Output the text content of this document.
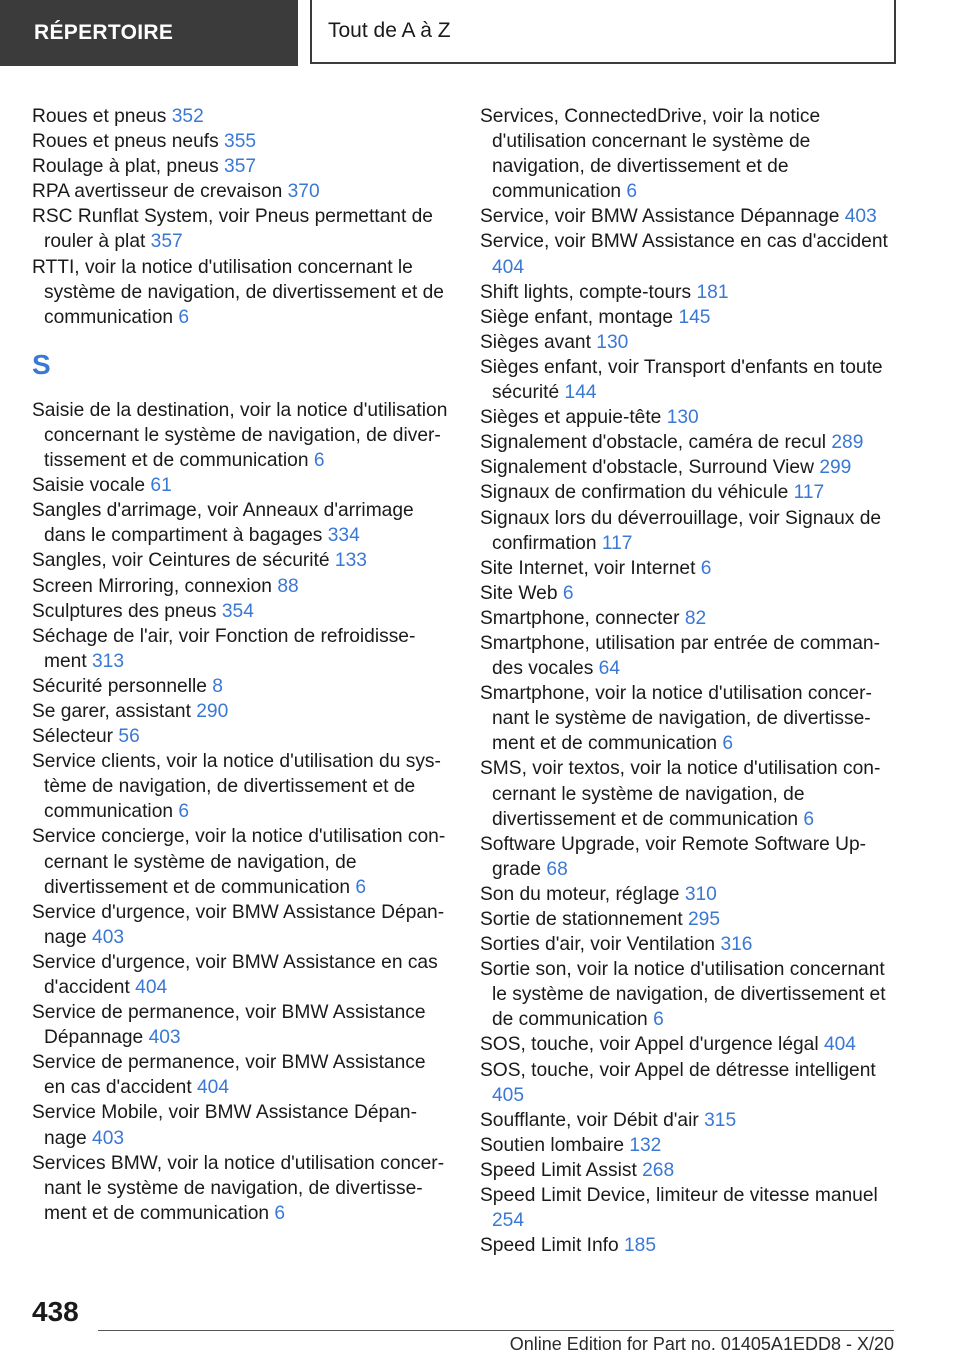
RÉPERTOIRE	Tout de A à Z

Roues et pneus 352

Roues et pneus neufs 355

Roulage à plat, pneus 357

RPA avertisseur de crevaison 370

RSC Runflat System, voir Pneus permettant de rouler à plat 357

RTTI, voir la notice d'utilisation concernant le système de navigation, de divertissement et de communication 6

S

Saisie de la destination, voir la notice d'utilisation concernant le système de navigation, de divertissement et de communication 6

Saisie vocale 61

Sangles d'arrimage, voir Anneaux d'arrimage dans le compartiment à bagages 334

Sangles, voir Ceintures de sécurité 133

Screen Mirroring, connexion 88

Sculptures des pneus 354

Séchage de l'air, voir Fonction de refroidissement 313

Sécurité personnelle 8

Se garer, assistant 290

Sélecteur 56

Service clients, voir la notice d'utilisation du système de navigation, de divertissement et de communication 6

Service concierge, voir la notice d'utilisation concernant le système de navigation, de divertissement et de communication 6

Service d'urgence, voir BMW Assistance Dépannage 403

Service d'urgence, voir BMW Assistance en cas d'accident 404

Service de permanence, voir BMW Assistance Dépannage 403

Service de permanence, voir BMW Assistance en cas d'accident 404

Service Mobile, voir BMW Assistance Dépannage 403

Services BMW, voir la notice d'utilisation concernant le système de navigation, de divertissement et de communication 6

Services, ConnectedDrive, voir la notice d'utilisation concernant le système de navigation, de divertissement et de communication 6

Service, voir BMW Assistance Dépannage 403

Service, voir BMW Assistance en cas d'accident 404

Shift lights, compte-tours 181

Siège enfant, montage 145

Sièges avant 130

Sièges enfant, voir Transport d'enfants en toute sécurité 144

Sièges et appuie-tête 130

Signalement d'obstacle, caméra de recul 289

Signalement d'obstacle, Surround View 299

Signaux de confirmation du véhicule 117

Signaux lors du déverrouillage, voir Signaux de confirmation 117

Site Internet, voir Internet 6

Site Web 6

Smartphone, connecter 82

Smartphone, utilisation par entrée de commandes vocales 64

Smartphone, voir la notice d'utilisation concernant le système de navigation, de divertissement et de communication 6

SMS, voir textos, voir la notice d'utilisation concernant le système de navigation, de divertissement et de communication 6

Software Upgrade, voir Remote Software Upgrade 68

Son du moteur, réglage 310

Sortie de stationnement 295

Sorties d'air, voir Ventilation 316

Sortie son, voir la notice d'utilisation concernant le système de navigation, de divertissement et de communication 6

SOS, touche, voir Appel d'urgence légal 404

SOS, touche, voir Appel de détresse intelligent 405

Soufflante, voir Débit d'air 315

Soutien lombaire 132

Speed Limit Assist 268

Speed Limit Device, limiteur de vitesse manuel 254

Speed Limit Info 185

438
Online Edition for Part no. 01405A1EDD8 - X/20
